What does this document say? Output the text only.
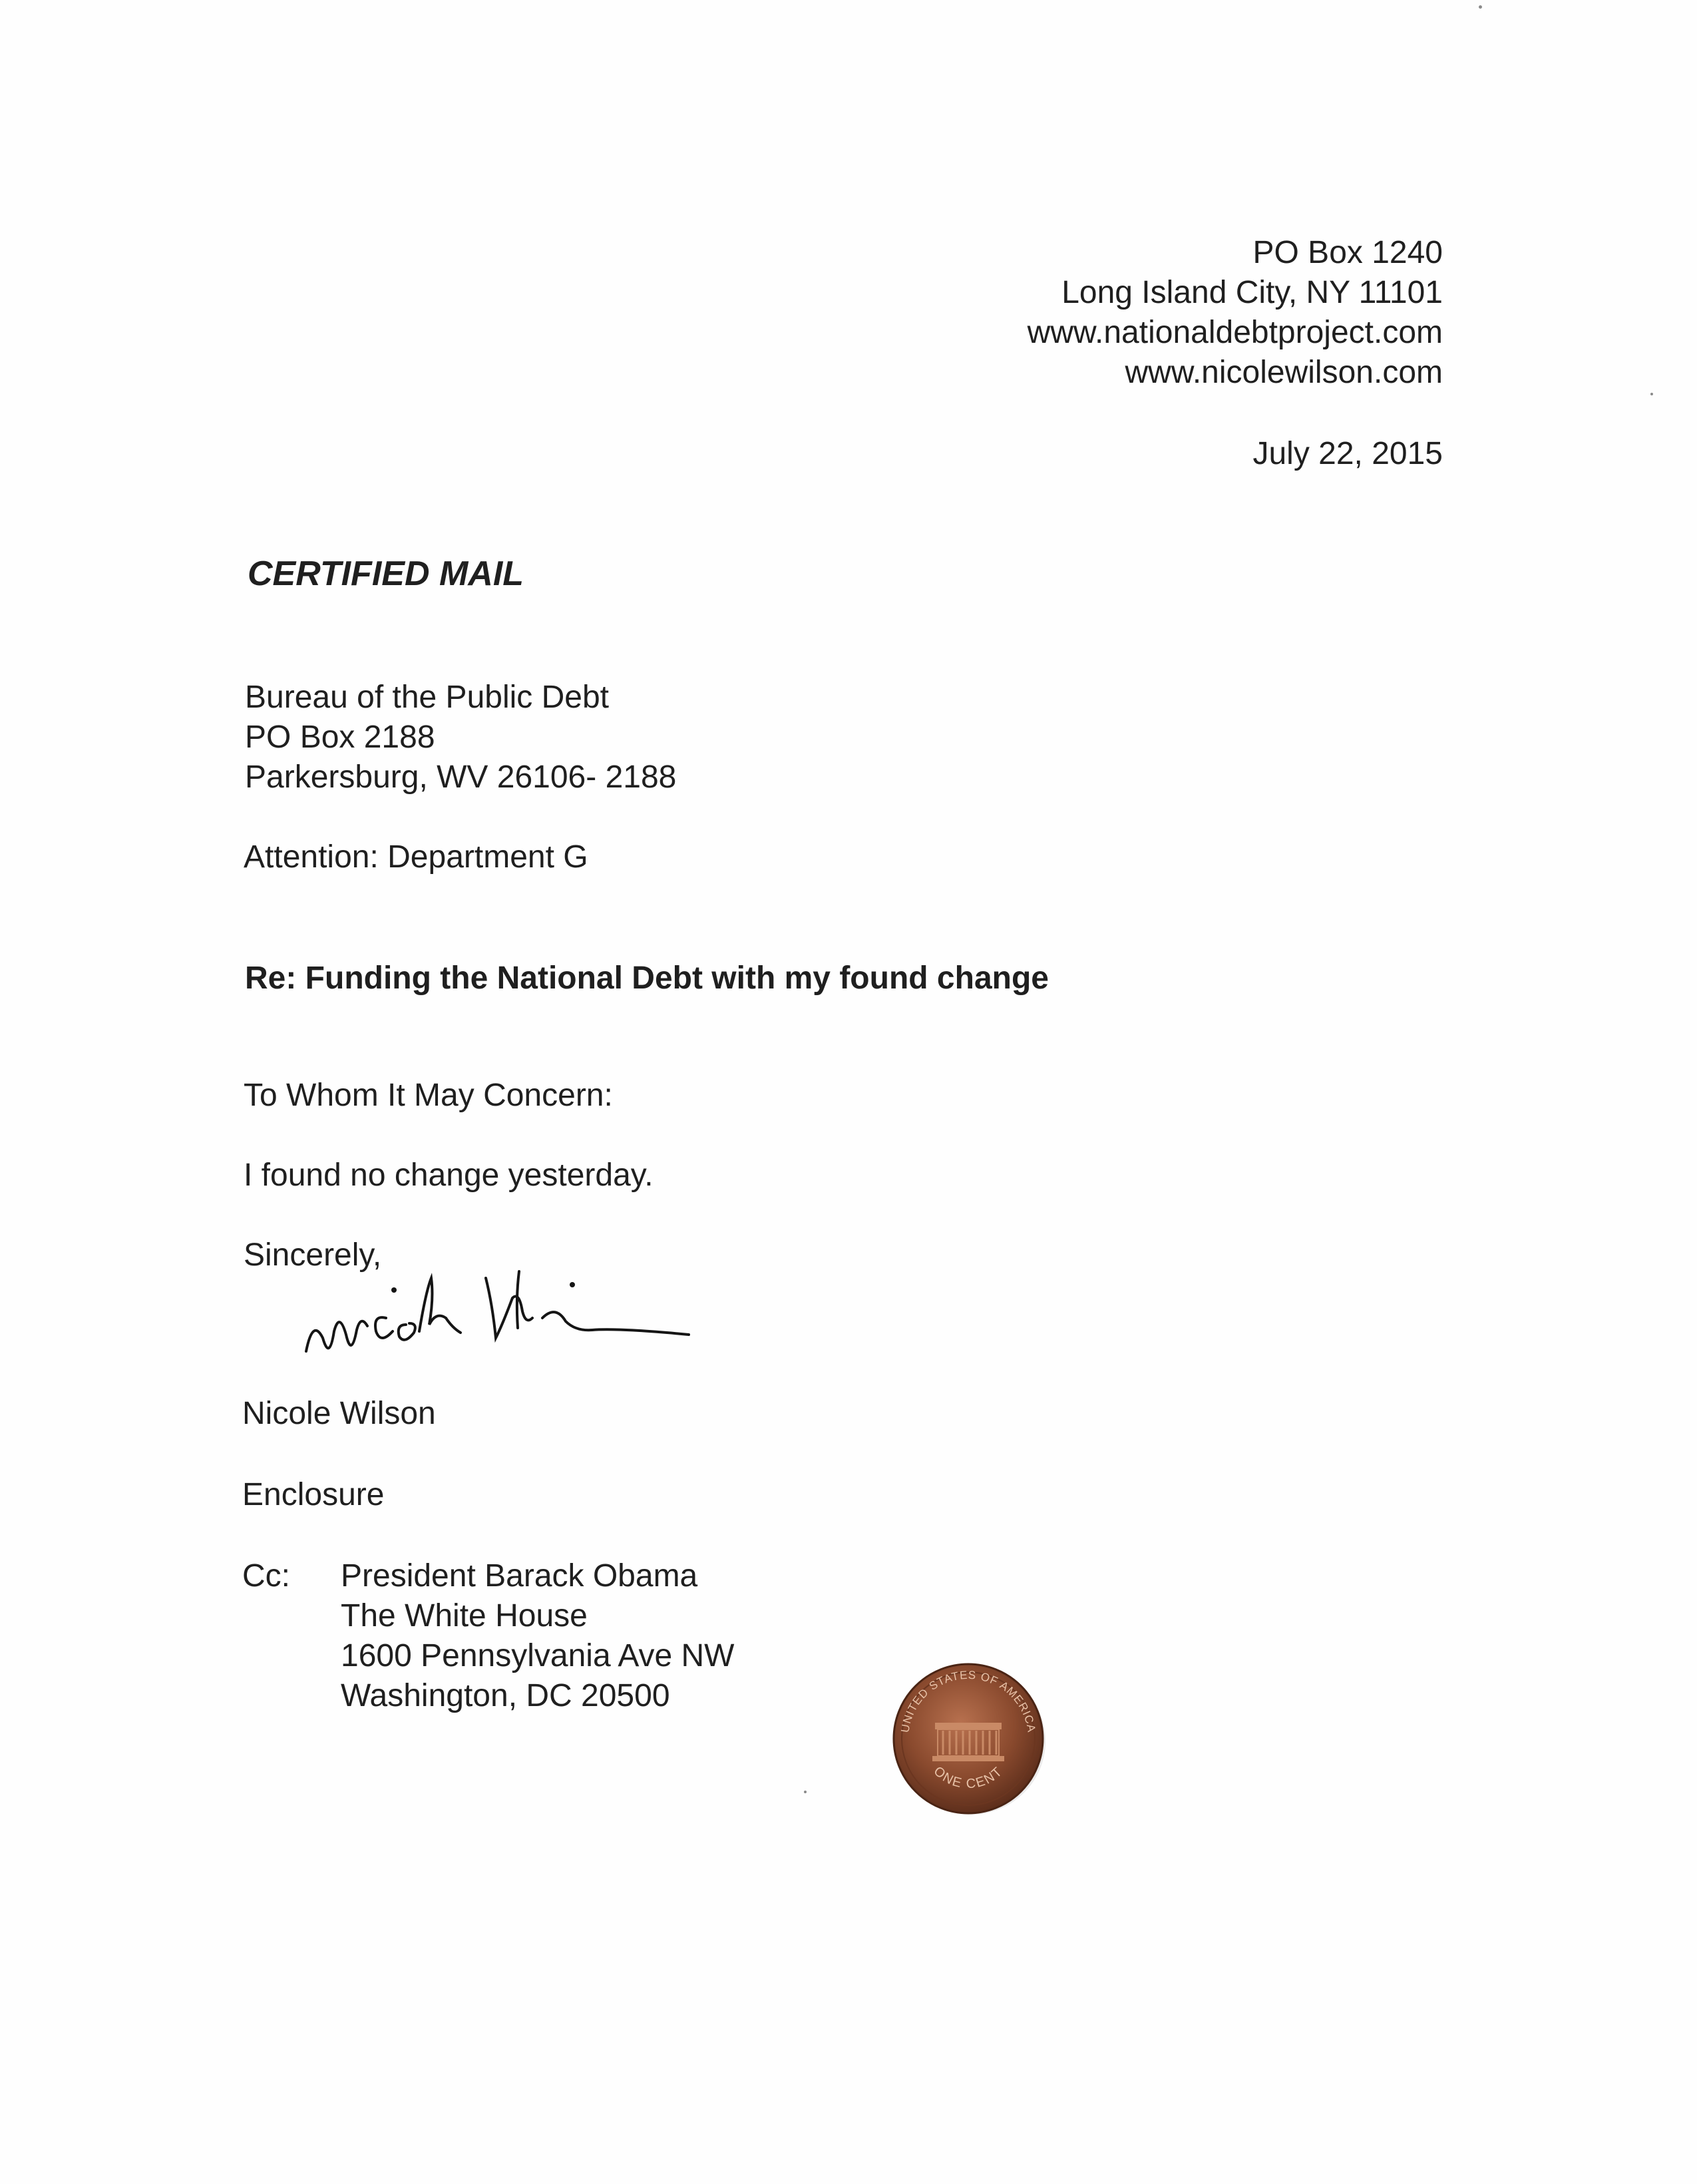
PO Box 1240
Long Island City, NY 11101
www.nationaldebtproject.com
www.nicolewilson.com
July 22, 2015
CERTIFIED MAIL
Bureau of the Public Debt
PO Box 2188
Parkersburg, WV 26106- 2188
Attention: Department G
Re: Funding the National Debt with my found change
To Whom It May Concern:
I found no change yesterday.
Sincerely,
Nicole Wilson
Enclosure
Cc: President Barack Obama
The White House
1600 Pennsylvania Ave NW
Washington, DC 20500
UNITED STATES OF AMERICA
ONE CENT
